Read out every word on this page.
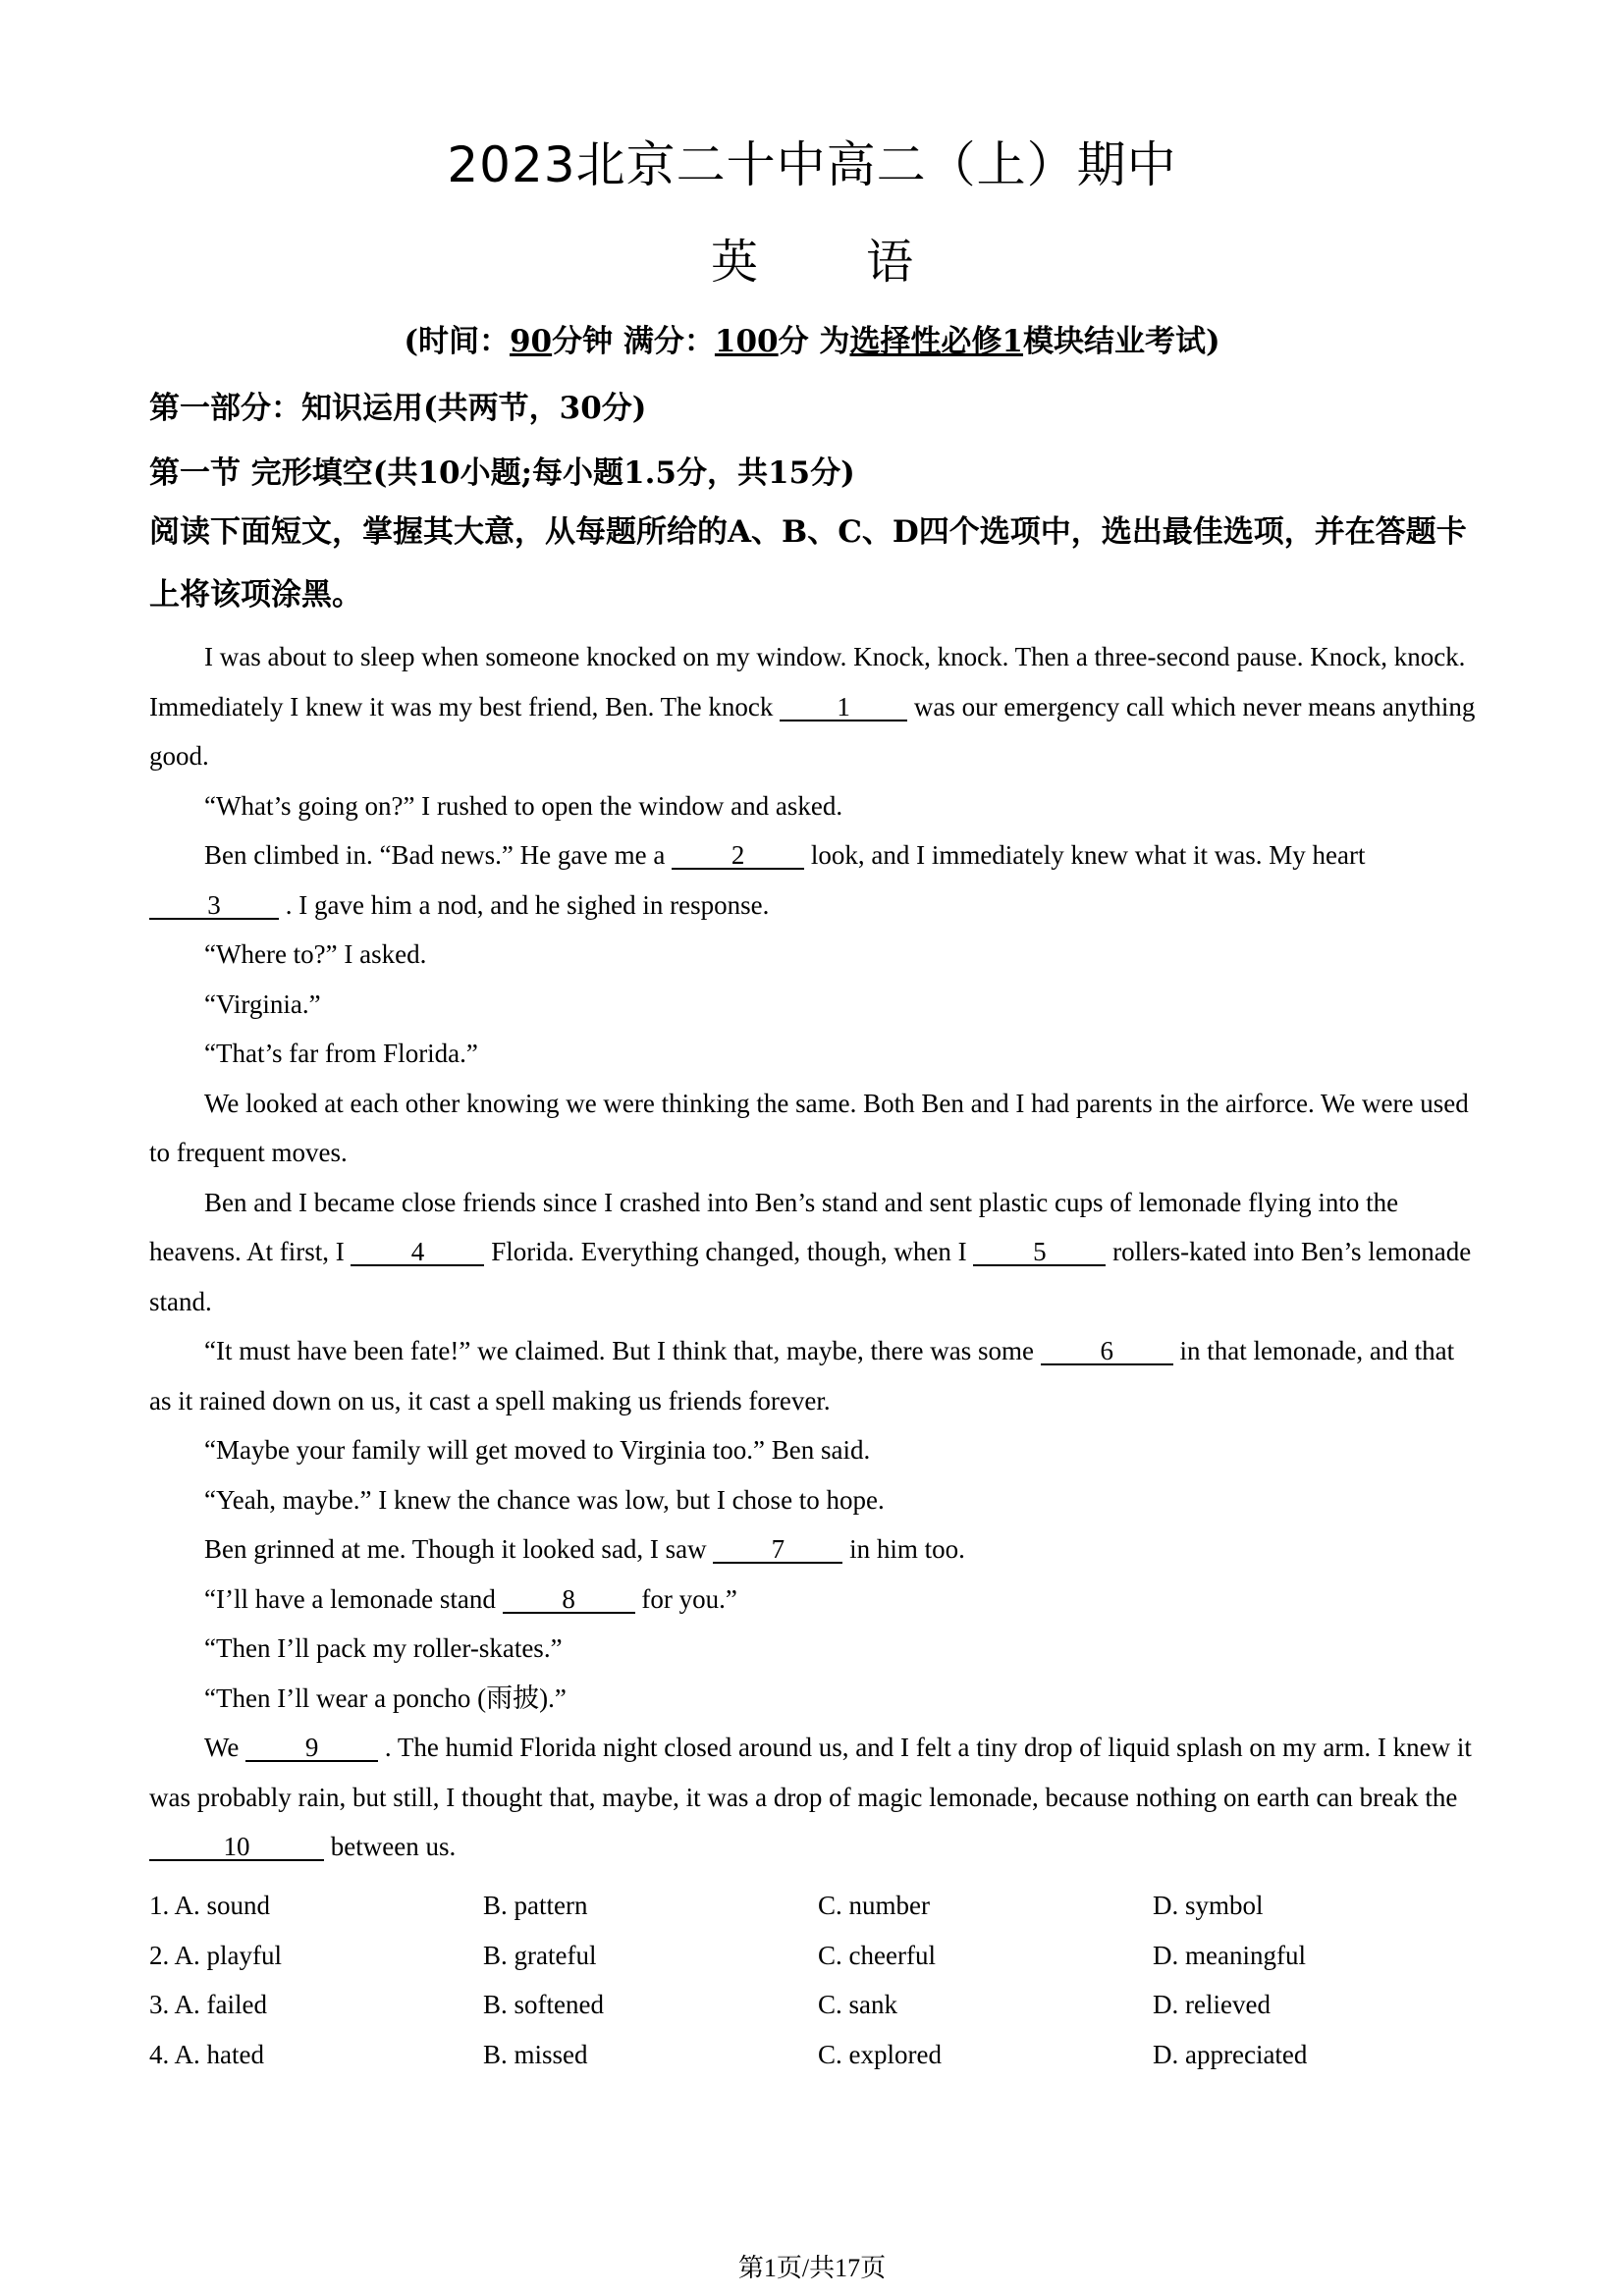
2023北京二十中高二（上）期中
英 语
(时间：90分钟 满分：100分 为选择性必修1模块结业考试)
第一部分：知识运用(共两节，30分)
第一节 完形填空(共10小题;每小题1.5分，共15分)
阅读下面短文，掌握其大意，从每题所给的A、B、C、D四个选项中，选出最佳选项，并在答题卡上将该项涂黑。

I was about to sleep when someone knocked on my window. Knock, knock. Then a three-second pause. Knock, knock. Immediately I knew it was my best friend, Ben. The knock 1 was our emergency call which never means anything good.

“What’s going on?” I rushed to open the window and asked.

Ben climbed in. “Bad news.” He gave me a 2 look, and I immediately knew what it was. My heart 3 . I gave him a nod, and he sighed in response.

“Where to?” I asked.

“Virginia.”

“That’s far from Florida.”

We looked at each other knowing we were thinking the same. Both Ben and I had parents in the airforce. We were used to frequent moves.

Ben and I became close friends since I crashed into Ben’s stand and sent plastic cups of lemonade flying into the heavens. At first, I 4 Florida. Everything changed, though, when I 5 rollers-kated into Ben’s lemonade stand.

“It must have been fate!” we claimed. But I think that, maybe, there was some 6 in that lemonade, and that as it rained down on us, it cast a spell making us friends forever.

“Maybe your family will get moved to Virginia too.” Ben said.

“Yeah, maybe.” I knew the chance was low, but I chose to hope.

Ben grinned at me. Though it looked sad, I saw 7 in him too.

“I’ll have a lemonade stand 8 for you.”

“Then I’ll pack my roller-skates.”

“Then I’ll wear a poncho (雨披).”

We 9 . The humid Florida night closed around us, and I felt a tiny drop of liquid splash on my arm. I knew it was probably rain, but still, I thought that, maybe, it was a drop of magic lemonade, because nothing on earth can break the 10	between us.

1. A. sound	B. pattern	C. number	D. symbol
2. A. playful	B. grateful	C. cheerful	D. meaningful
3. A. failed	B. softened	C. sank	D. relieved
4. A. hated	B. missed	C. explored	D. appreciated
第1页/共17页
